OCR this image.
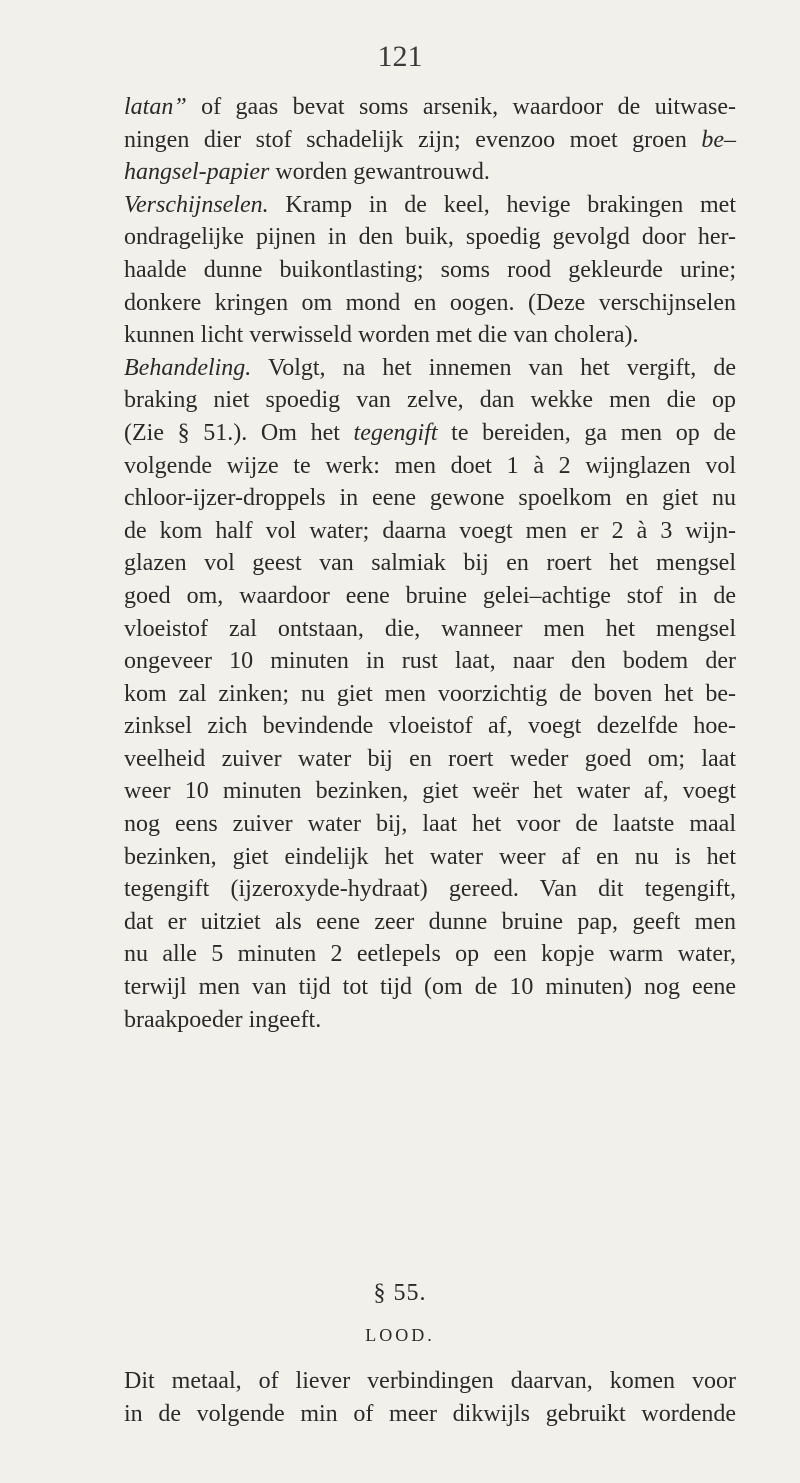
121
latan” of gaas bevat soms arsenik, waardoor de uitwase-
ningen dier stof schadelijk zijn; evenzoo moet groen be–
hangsel-papier worden gewantrouwd.
Verschijnselen. Kramp in de keel, hevige brakingen met
ondragelijke pijnen in den buik, spoedig gevolgd door her-
haalde dunne buikontlasting; soms rood gekleurde urine;
donkere kringen om mond en oogen. (Deze verschijnselen
kunnen licht verwisseld worden met die van cholera).
Behandeling. Volgt, na het innemen van het vergift, de
braking niet spoedig van zelve, dan wekke men die op
(Zie § 51.). Om het tegengift te bereiden, ga men op de
volgende wijze te werk: men doet 1 à 2 wijnglazen vol
chloor-ijzer-droppels in eene gewone spoelkom en giet nu
de kom half vol water; daarna voegt men er 2 à 3 wijn-
glazen vol geest van salmiak bij en roert het mengsel
goed om, waardoor eene bruine gelei–achtige stof in de
vloeistof zal ontstaan, die, wanneer men het mengsel
ongeveer 10 minuten in rust laat, naar den bodem der
kom zal zinken; nu giet men voorzichtig de boven het be-
zinksel zich bevindende vloeistof af, voegt dezelfde hoe-
veelheid zuiver water bij en roert weder goed om; laat
weer 10 minuten bezinken, giet weër het water af, voegt
nog eens zuiver water bij, laat het voor de laatste maal
bezinken, giet eindelijk het water weer af en nu is het
tegengift (ijzeroxyde-hydraat) gereed. Van dit tegengift,
dat er uitziet als eene zeer dunne bruine pap, geeft men
nu alle 5 minuten 2 eetlepels op een kopje warm water,
terwijl men van tijd tot tijd (om de 10 minuten) nog eene
braakpoeder ingeeft.
§ 55.
LOOD.
Dit metaal, of liever verbindingen daarvan, komen voor
in de volgende min of meer dikwijls gebruikt wordende
